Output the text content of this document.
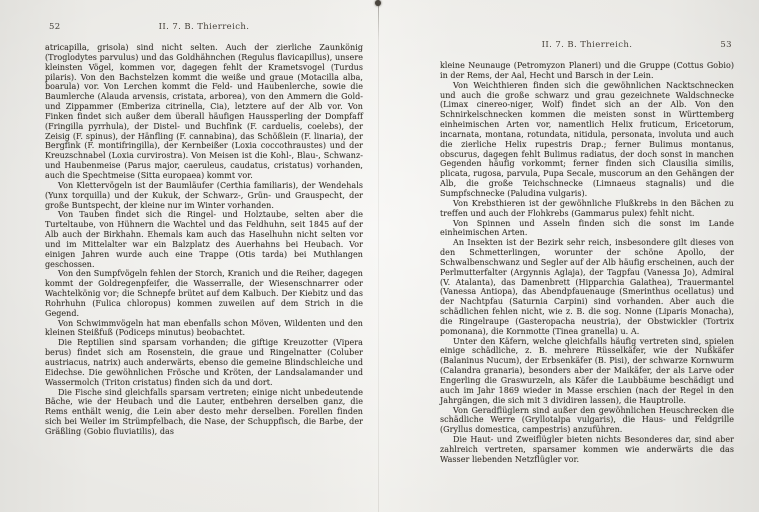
52	II. 7. B. Thierreich.

atricapilla, grisola) sind nicht selten. Auch der zierliche Zaunkönig (Troglodytes parvulus) und das Goldhähnchen (Regulus flavicapillus), unsere kleinsten Vögel, kommen vor, dagegen fehlt der Krametsvogel (Turdus pilaris). Von den Bachstelzen kommt die weiße und graue (Motacilla alba, boarula) vor. Von Lerchen kommt die Feld- und Haubenlerche, sowie die Baumlerche (Alauda arvensis, cristata, arborea), von den Ammern die Gold- und Zippammer (Emberiza citrinella, Cia), letztere auf der Alb vor. Von Finken findet sich außer dem überall häufigen Haussperling der Dompfaff (Fringilla pyrrhula), der Distel- und Buchfink (F. carduelis, coelebs), der Zeisig (F. spinus), der Hänfling (F. cannabina), das Schößlein (F. linaria), der Bergfink (F. montifringilla), der Kernbeißer (Loxia coccothraustes) und der Kreuzschnabel (Loxia curvirostra). Von Meisen ist die Kohl-, Blau-, Schwanz- und Haubenmeise (Parus major, caeruleus, caudatus, cristatus) vorhanden, auch die Spechtmeise (Sitta europaea) kommt vor.

Von Klettervögeln ist der Baumläufer (Certhia familiaris), der Wendehals (Yunx torquilla) und der Kukuk, der Schwarz-, Grün- und Grauspecht, der große Buntspecht, der kleine nur im Winter vorhanden.

Von Tauben findet sich die Ringel- und Holztaube, selten aber die Turteltaube, von Hühnern die Wachtel und das Feldhuhn, seit 1845 auf der Alb auch der Birkhahn. Ehemals kam auch das Haselhuhn nicht selten vor und im Mittelalter war ein Balzplatz des Auerhahns bei Heubach. Vor einigen Jahren wurde auch eine Trappe (Otis tarda) bei Muthlangen geschossen.

Von den Sumpfvögeln fehlen der Storch, Kranich und die Reiher, dagegen kommt der Goldregenpfeifer, die Wasserralle, der Wiesenschnarrer oder Wachtelkönig vor; die Schnepfe brütet auf dem Kalbuch. Der Kiebitz und das Rohrhuhn (Fulica chloropus) kommen zuweilen auf dem Strich in die Gegend.

Von Schwimmvögeln hat man ebenfalls schon Möven, Wildenten und den kleinen Steißfuß (Podiceps minutus) beobachtet.

Die Reptilien sind sparsam vorhanden; die giftige Kreuzotter (Vipera berus) findet sich am Rosenstein, die graue und Ringelnatter (Coluber austriacus, natrix) auch anderwärts, ebenso die gemeine Blindschleiche und Eidechse. Die gewöhnlichen Frösche und Kröten, der Landsalamander und Wassermolch (Triton cristatus) finden sich da und dort.

Die Fische sind gleichfalls sparsam vertreten; einige nicht unbedeutende Bäche, wie der Heubach und die Lauter, entbehren derselben ganz, die Rems enthält wenig, die Lein aber desto mehr derselben. Forellen finden sich bei Weiler im Strümpfelbach, die Nase, der Schuppfisch, die Barbe, der Gräßling (Gobio fluviatilis), das

II. 7. B. Thierreich.	53

kleine Neunauge (Petromyzon Planeri) und die Gruppe (Cottus Gobio) in der Rems, der Aal, Hecht und Barsch in der Lein.

Von Weichthieren finden sich die gewöhnlichen Nacktschnecken und auch die große schwarz und grau gezeichnete Waldschnecke (Limax cinereo-niger, Wolf) findet sich an der Alb. Von den Schnirkelschnecken kommen die meisten sonst in Württemberg einheimischen Arten vor, namentlich Helix fruticum, Ericetorum, incarnata, montana, rotundata, nitidula, personata, involuta und auch die zierliche Helix rupestris Drap.; ferner Bulimus montanus, obscurus, dagegen fehlt Bulimus radiatus, der doch sonst in manchen Gegenden häufig vorkommt; ferner finden sich Clausilia similis, plicata, rugosa, parvula, Pupa Secale, muscorum an den Gehängen der Alb, die große Teichschnecke (Limnaeus stagnalis) und die Sumpfschnecke (Paludina vulgaris).

Von Krebsthieren ist der gewöhnliche Flußkrebs in den Bächen zu treffen und auch der Flohkrebs (Gammarus pulex) fehlt nicht.

Von Spinnen und Asseln finden sich die sonst im Lande einheimischen Arten.

An Insekten ist der Bezirk sehr reich, insbesondere gilt dieses von den Schmetterlingen, worunter der schöne Apollo, der Schwalbenschwanz und Segler auf der Alb häufig erscheinen, auch der Perlmutterfalter (Argynnis Aglaja), der Tagpfau (Vanessa Jo), Admiral (V. Atalanta), das Damenbrett (Hipparchia Galathea), Trauermantel (Vanessa Antiopa), das Abendpfauenauge (Smerinthus ocellatus) und der Nachtpfau (Saturnia Carpini) sind vorhanden. Aber auch die schädlichen fehlen nicht, wie z. B. die sog. Nonne (Liparis Monacha), die Ringelraupe (Gasteropacha neustria), der Obstwickler (Tortrix pomonana), die Kornmotte (Tinea granella) u. A.

Unter den Käfern, welche gleichfalls häufig vertreten sind, spielen einige schädliche, z. B. mehrere Rüsselkäfer, wie der Nußkäfer (Balaninus Nucum), der Erbsenkäfer (B. Pisi), der schwarze Kornwurm (Calandra granaria), besonders aber der Maikäfer, der als Larve oder Engerling die Graswurzeln, als Käfer die Laubbäume beschädigt und auch im Jahr 1869 wieder in Masse erschien (nach der Regel in den Jahrgängen, die sich mit 3 dividiren lassen), die Hauptrolle.

Von Geradflüglern sind außer den gewöhnlichen Heuschrecken die schädliche Werre (Gryllotalpa vulgaris), die Haus- und Feldgrille (Gryllus domestica, campestris) anzuführen.

Die Haut- und Zweiflügler bieten nichts Besonderes dar, sind aber zahlreich vertreten, sparsamer kommen wie anderwärts die das Wasser liebenden Netzflügler vor.
